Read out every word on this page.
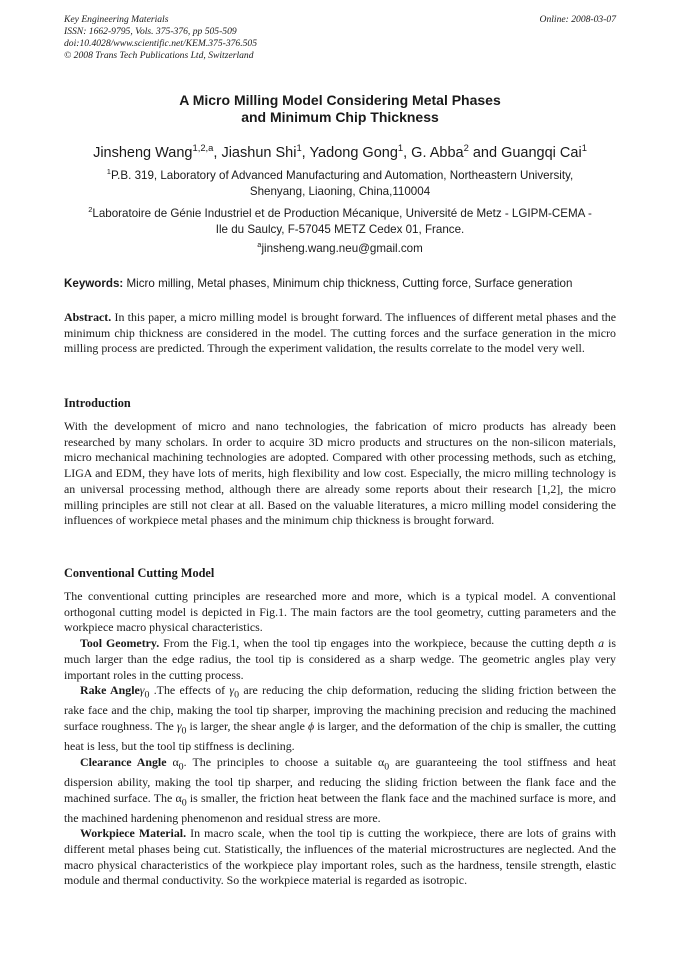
Key Engineering Materials
ISSN: 1662-9795, Vols. 375-376, pp 505-509
doi:10.4028/www.scientific.net/KEM.375-376.505
© 2008 Trans Tech Publications Ltd, Switzerland
Online: 2008-03-07
A Micro Milling Model Considering Metal Phases
and Minimum Chip Thickness
Jinsheng Wang$^{1,2,a}$, Jiashun Shi$^1$, Yadong Gong$^1$, G. Abba$^2$ and Guangqi Cai$^1$
$^1$P.B. 319, Laboratory of Advanced Manufacturing and Automation, Northeastern University,
Shenyang, Liaoning, China,110004
$^2$Laboratoire de Génie Industriel et de Production Mécanique, Université de Metz - LGIPM-CEMA -
Ile du Saulcy, F-57045 METZ Cedex 01, France.
$^a$jinsheng.wang.neu@gmail.com
Keywords: Micro milling, Metal phases, Minimum chip thickness, Cutting force, Surface generation
Abstract. In this paper, a micro milling model is brought forward. The influences of different metal phases and the minimum chip thickness are considered in the model. The cutting forces and the surface generation in the micro milling process are predicted. Through the experiment validation, the results correlate to the model very well.
Introduction
With the development of micro and nano technologies, the fabrication of micro products has already been researched by many scholars. In order to acquire 3D micro products and structures on the non-silicon materials, micro mechanical machining technologies are adopted. Compared with other processing methods, such as etching, LIGA and EDM, they have lots of merits, high flexibility and low cost. Especially, the micro milling technology is an universal processing method, although there are already some reports about their research [1,2], the micro milling principles are still not clear at all. Based on the valuable literatures, a micro milling model considering the influences of workpiece metal phases and the minimum chip thickness is brought forward.
Conventional Cutting Model

The conventional cutting principles are researched more and more, which is a typical model. A conventional orthogonal cutting model is depicted in Fig.1. The main factors are the tool geometry, cutting parameters and the workpiece macro physical characteristics.

Tool Geometry. From the Fig.1, when the tool tip engages into the workpiece, because the cutting depth a is much larger than the edge radius, the tool tip is considered as a sharp wedge. The geometric angles play very important roles in the cutting process.

Rake Angleγ$_0$ .The effects of $\gamma_0$ are reducing the chip deformation, reducing the sliding friction between the rake face and the chip, making the tool tip sharper, improving the machining precision and reducing the machined surface roughness. The $\gamma_0$ is larger, the shear angle ϕ is larger, and the deformation of the chip is smaller, the cutting heat is less, but the tool tip stiffness is declining.

Clearance Angle $\alpha_0$. The principles to choose a suitable $\alpha_0$ are guaranteeing the tool stiffness and heat dispersion ability, making the tool tip sharper, and reducing the sliding friction between the flank face and the machined surface. The $\alpha_0$ is smaller, the friction heat between the flank face and the machined surface is more, and the machined hardening phenomenon and residual stress are more.

Workpiece Material. In macro scale, when the tool tip is cutting the workpiece, there are lots of grains with different metal phases being cut. Statistically, the influences of the material microstructures are neglected. And the macro physical characteristics of the workpiece play important roles, such as the hardness, tensile strength, elastic module and thermal conductivity. So the workpiece material is regarded as isotropic.
